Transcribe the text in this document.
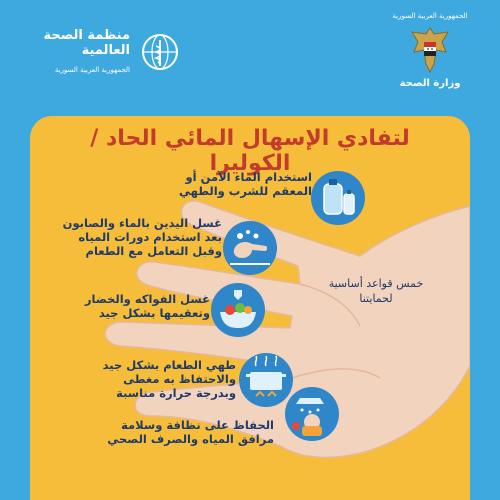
منظمة الصحة العالمية
الجمهورية العربية السورية
الجمهورية العربية السورية
وزارة الصحة
لتفادي الإسهال المائي الحاد / الكوليرا
استخدام الماء الآمن أو المعقم للشرب والطهي
غسل اليدين بالماء والصابون بعد استخدام دورات المياه وقبل التعامل مع الطعام
غسل الفواكه والخضار وتعقيمها بشكل جيد
طهي الطعام بشكل جيد والاحتفاظ به مغطى وبدرجة حرارة مناسبة
الحفاظ على نظافة وسلامة مرافق المياه والصرف الصحي
خمس قواعد أساسية لحمايتنا
